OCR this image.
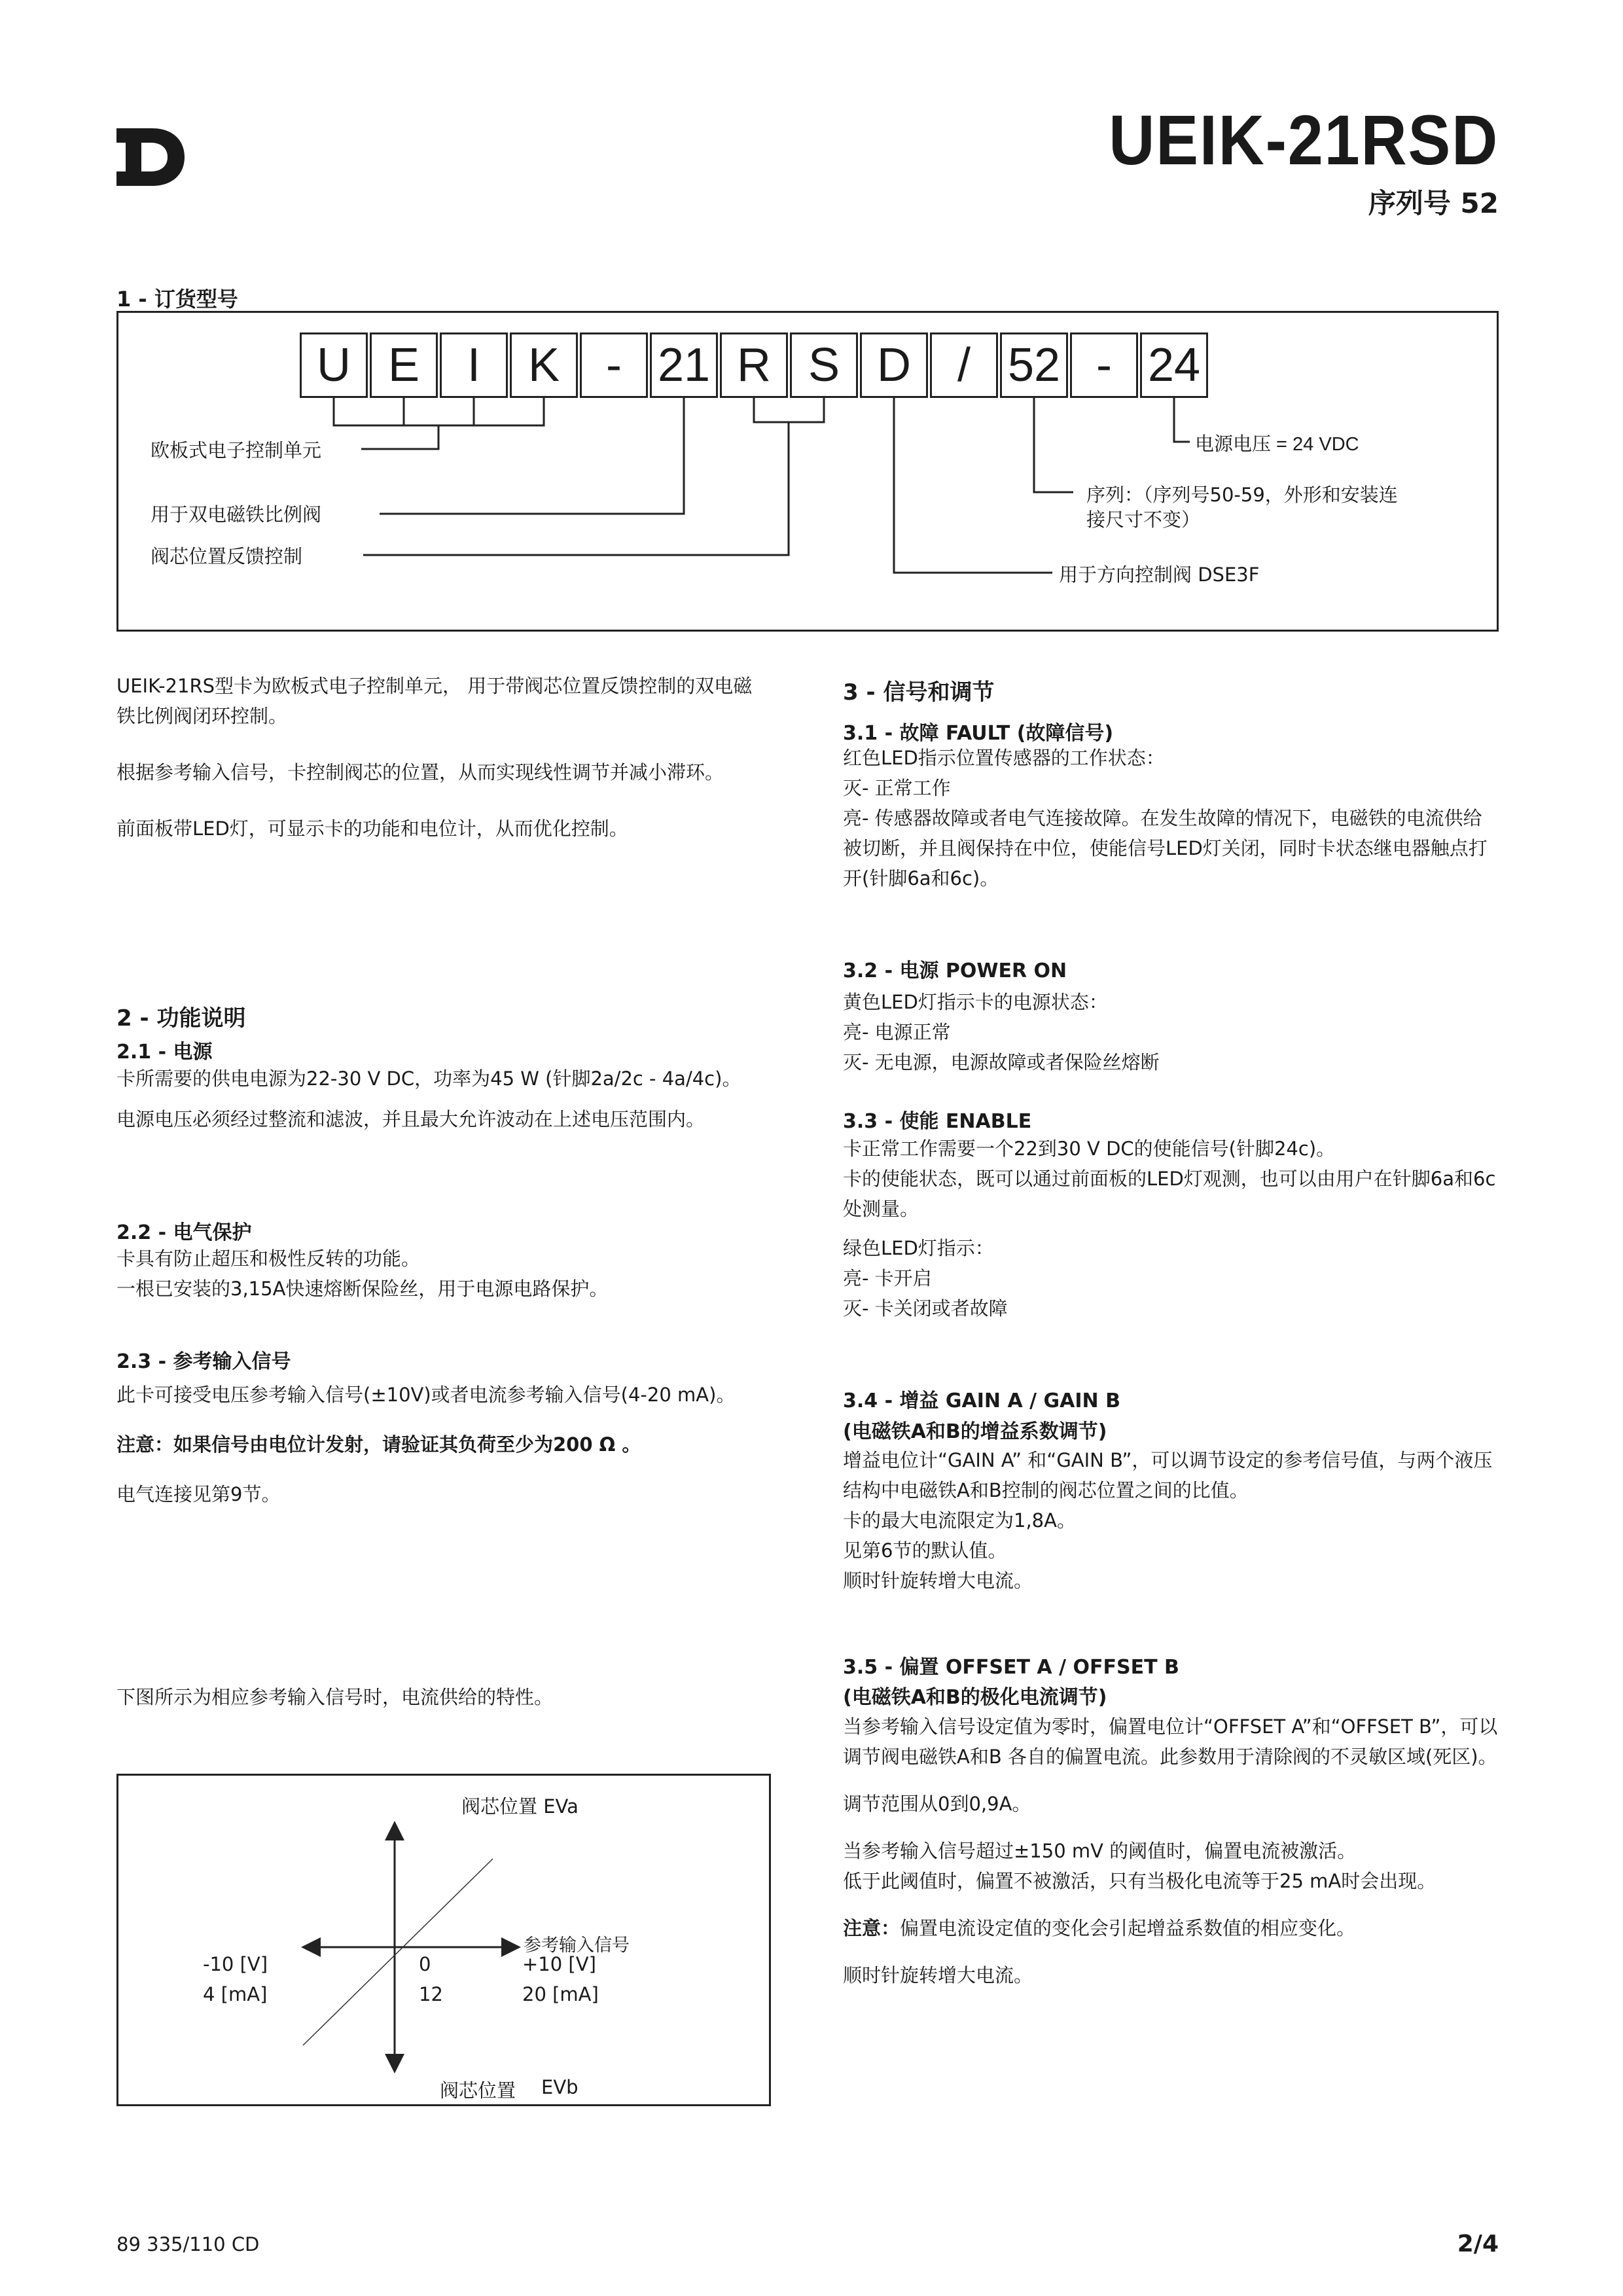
UEIK-21RSD
序列号 52
1 - 订货型号
U E	I	K - 21 R S D / 52 - 24
欧板式电子控制单元
用于双电磁铁比例阀
阀芯位置反馈控制
电源电压 = 24 VDC
序列：（序列号50-59，外形和安装连
接尺寸不变）
用于方向控制阀 DSE3F

UEIK-21RS型卡为欧板式电子控制单元， 用于带阀芯位置反馈控制的双电磁铁比例阀闭环控制。

根据参考输入信号，卡控制阀芯的位置，从而实现线性调节并减小滞环。

前面板带LED灯，可显示卡的功能和电位计，从而优化控制。

2 - 功能说明
2.1 - 电源

卡所需要的供电电源为22-30 V DC，功率为45 W (针脚2a/2c - 4a/4c)。

电源电压必须经过整流和滤波，并且最大允许波动在上述电压范围内。

2.2 - 电气保护

卡具有防止超压和极性反转的功能。

一根已安装的3,15A快速熔断保险丝，用于电源电路保护。

2.3 - 参考输入信号

此卡可接受电压参考输入信号(±10V)或者电流参考输入信号(4-20 mA)。

注意：如果信号由电位计发射，请验证其负荷至少为200 Ω 。

电气连接见第9节。

下图所示为相应参考输入信号时，电流供给的特性。
阀芯位置 EVa
参考输入信号
-10 [V]
4 [mA]
0
12
+10 [V]
20 [mA]
阀芯位置 EVb
3 - 信号和调节
3.1 - 故障 FAULT (故障信号)

红色LED指示位置传感器的工作状态：

灭- 正常工作

亮- 传感器故障或者电气连接故障。在发生故障的情况下，电磁铁的电流供给被切断，并且阀保持在中位，使能信号LED灯关闭，同时卡状态继电器触点打开(针脚6a和6c)。

3.2 - 电源 POWER ON

黄色LED灯指示卡的电源状态：

亮- 电源正常

灭- 无电源，电源故障或者保险丝熔断

3.3 - 使能 ENABLE

卡正常工作需要一个22到30 V DC的使能信号(针脚24c)。

卡的使能状态，既可以通过前面板的LED灯观测，也可以由用户在针脚6a和6c处测量。

绿色LED灯指示：

亮- 卡开启

灭- 卡关闭或者故障

3.4 - 增益 GAIN A / GAIN B
(电磁铁A和B的增益系数调节)

增益电位计“GAIN A” 和“GAIN B”，可以调节设定的参考信号值，与两个液压结构中电磁铁A和B控制的阀芯位置之间的比值。

卡的最大电流限定为1,8A。

见第6节的默认值。

顺时针旋转增大电流。

3.5 - 偏置 OFFSET A / OFFSET B
(电磁铁A和B的极化电流调节)

当参考输入信号设定值为零时，偏置电位计“OFFSET A”和“OFFSET B”，可以调节阀电磁铁A和B 各自的偏置电流。此参数用于清除阀的不灵敏区域(死区)。

调节范围从0到0,9A。

当参考输入信号超过±150 mV 的阈值时，偏置电流被激活。

低于此阈值时，偏置不被激活，只有当极化电流等于25 mA时会出现。

注意：偏置电流设定值的变化会引起增益系数值的相应变化。

顺时针旋转增大电流。

89 335/110 CD	2/4
